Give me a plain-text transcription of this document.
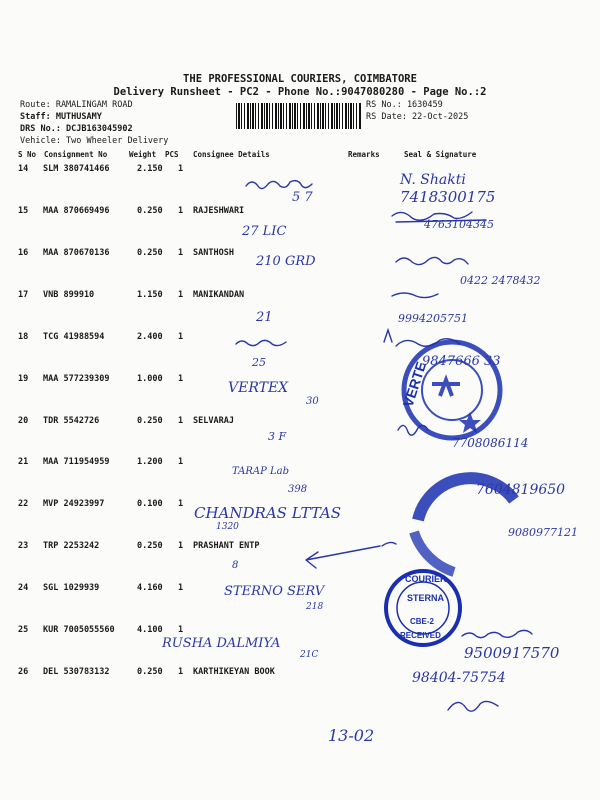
THE PROFESSIONAL COURIERS, COIMBATORE
Delivery Runsheet - PC2 - Phone No.:9047080280 - Page No.:2
Route: RAMALINGAM ROAD
Staff: MUTHUSAMY
DRS No.: DCJB163045902
Vehicle: Two Wheeler Delivery
RS No.: 1630459
RS Date: 22-Oct-2025
S No Consignment No	Weight PCS Consignee Details	Remarks	Seal & Signature
14 SLM 380741466	2.150 1
15 MAA 870669496	0.250 1 RAJESHWARI
16 MAA 870670136	0.250 1 SANTHOSH
17 VNB 899910	1.150 1 MANIKANDAN
18 TCG 41988594	2.400 1
19 MAA 577239309	1.000 1
20 TDR 5542726	0.250 1 SELVARAJ
21 MAA 711954959	1.200 1
22 MVP 24923997	0.100 1
23 TRP 2253242	0.250 1 PRASHANT ENTP
24 SGL 1029939	4.160 1
25 KUR 7005055560	4.100 1
26 DEL 530783132	0.250 1 KARTHIKEYAN BOOK
VERTE
COURIER
STERNA
CBE-2
RECEIVED
N. Shakti
5 7	7418300175
27 LIC	4763104345
210 GRD
0422 2478432
21	9994205751
25	9847666 33
VERTEX
30
3 F	7708086114
TARAP Lab
398	7604819650
CHANDRAS LTTAS
1320	9080977121
8
STERNO SERV
218
RUSHA DALMIYA
21C	9500917570
98404-75754
13-02
